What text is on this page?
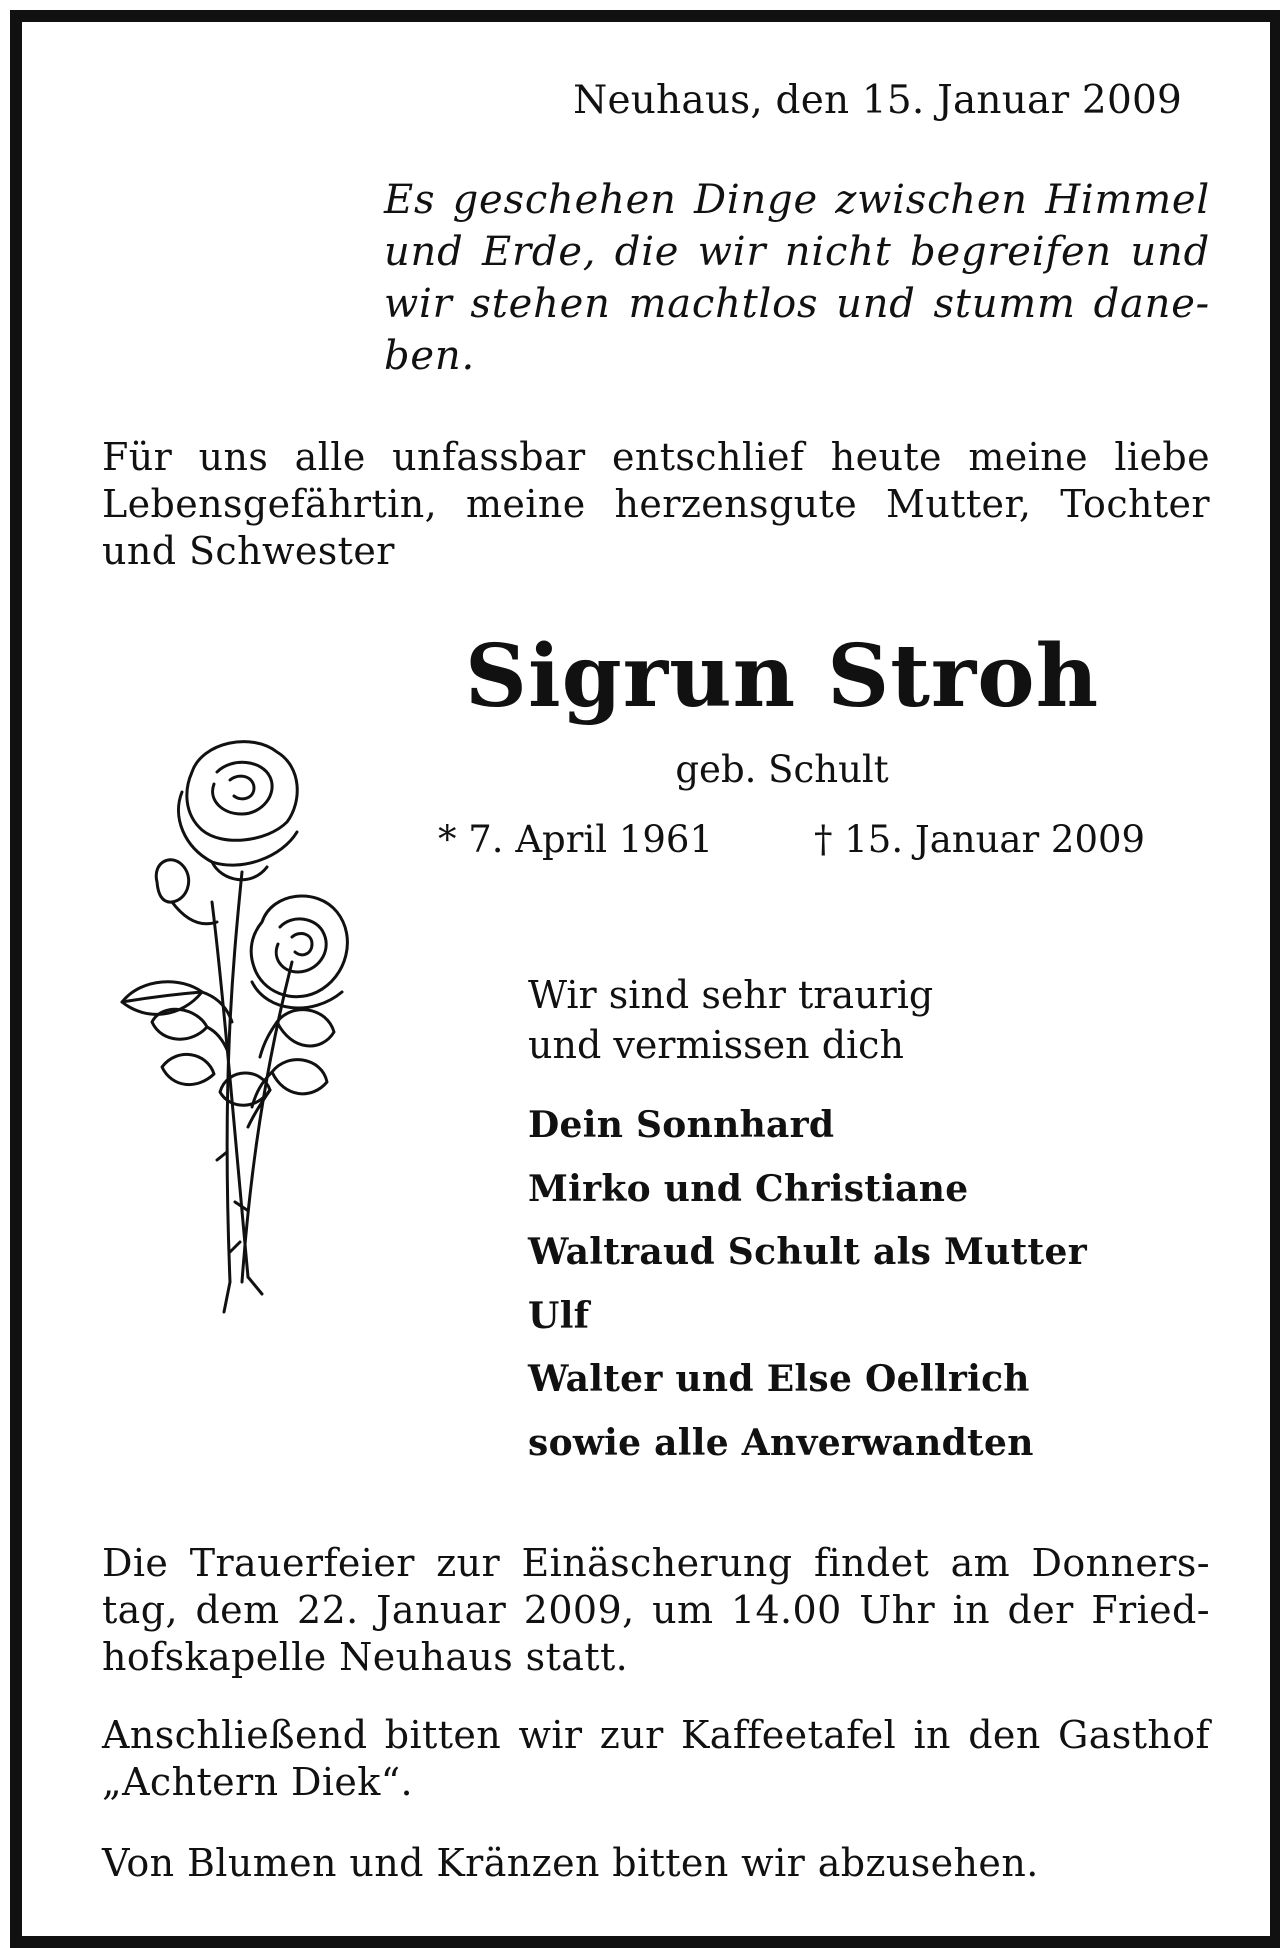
Neuhaus, den 15. Januar 2009
Es geschehen Dinge zwischen Himmel
und Erde, die wir nicht begreifen und
wir stehen machtlos und stumm dane-
ben.
Für uns alle unfassbar entschlief heute meine liebe
Lebensgefährtin, meine herzensgute Mutter, Tochter
und Schwester
Sigrun Stroh
geb. Schult
* 7. April 1961	† 15. Januar 2009
Wir sind sehr traurig
und vermissen dich
Dein Sonnhard
Mirko und Christiane
Waltraud Schult als Mutter
Ulf
Walter und Else Oellrich
sowie alle Anverwandten
Die Trauerfeier zur Einäscherung findet am Donners-
tag, dem 22. Januar 2009, um 14.00 Uhr in der Fried-
hofskapelle Neuhaus statt.
Anschließend bitten wir zur Kaffeetafel in den Gasthof
„Achtern Diek“.
Von Blumen und Kränzen bitten wir abzusehen.
